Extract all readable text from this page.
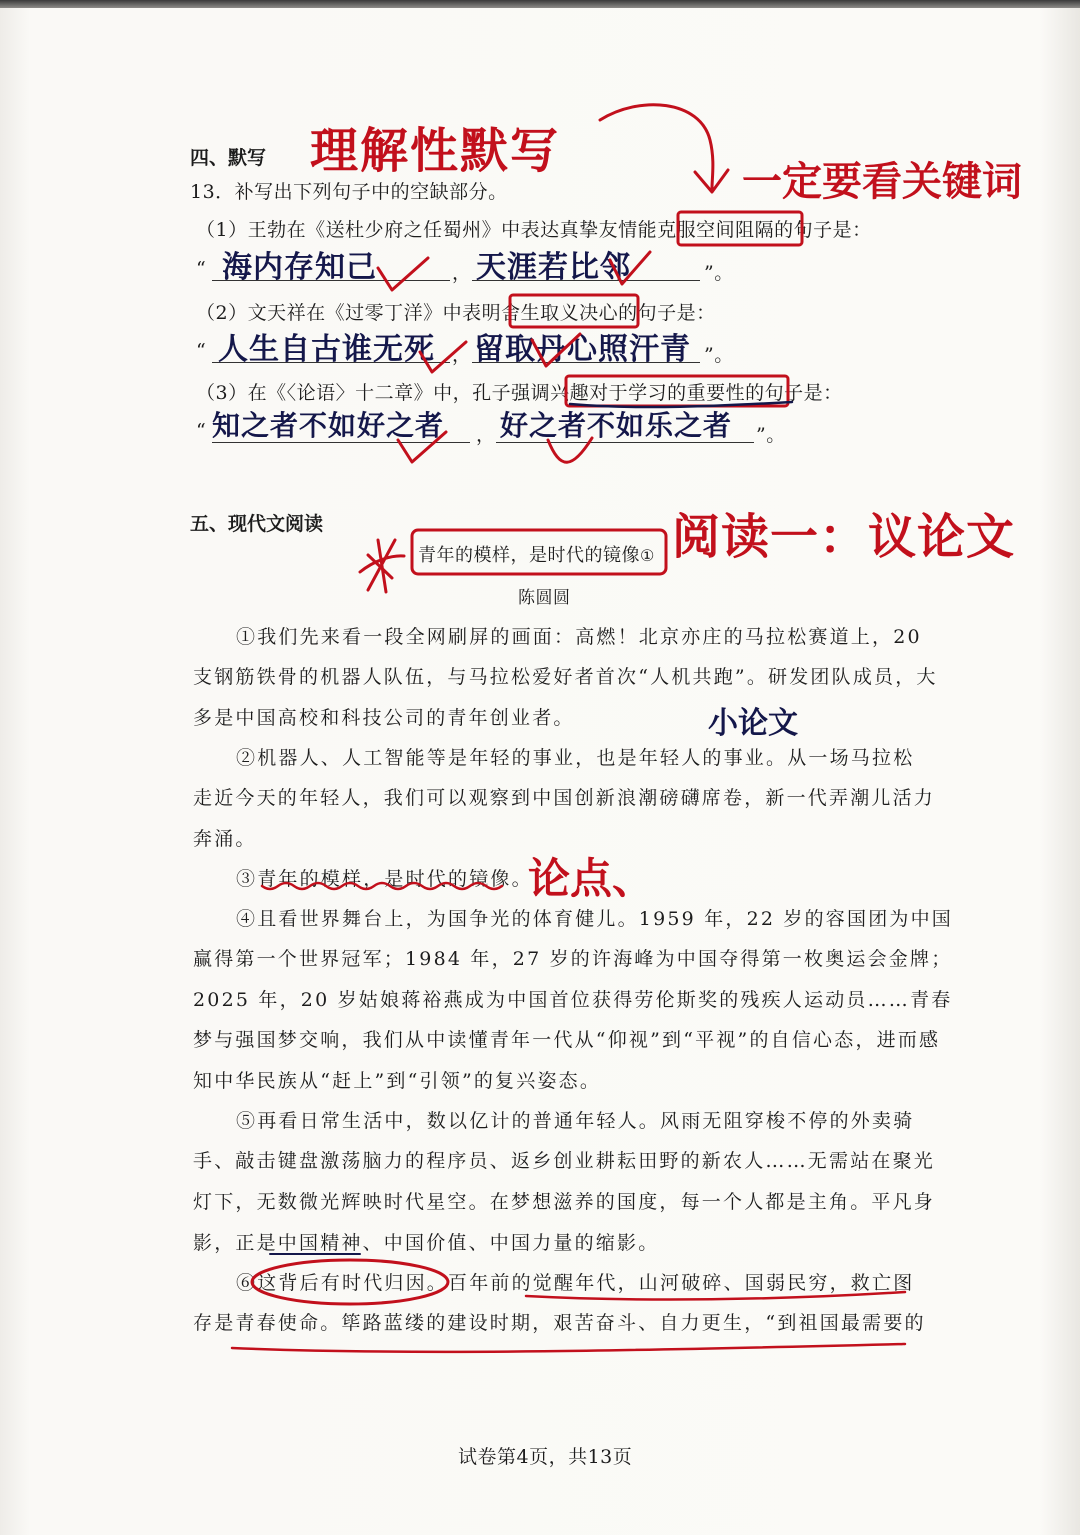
四、默写 理解性默写
一定要看关键词
13．补写出下列句子中的空缺部分。
（1）王勃在《送杜少府之任蜀州》中表达真挚友情能克服空间阻隔的句子是：
“ 海内存知己	， 天涯若比邻	”。
（2）文天祥在《过零丁洋》中表明舍生取义决心的句子是：
“ 人生自古谁无死 ， 留取丹心照汗青 ”。
（3）在《〈论语〉十二章》中，孔子强调兴趣对于学习的重要性的句子是：
“ 知之者不如好之者 ， 好之者不如乐之者 ”。
五、现代文阅读	阅读一：议论文
青年的模样，是时代的镜像①
陈圆圆
①我们先来看一段全网刷屏的画面：高燃！北京亦庄的马拉松赛道上，20
支钢筋铁骨的机器人队伍，与马拉松爱好者首次“人机共跑”。研发团队成员，大
多是中国高校和科技公司的青年创业者。	小论文
②机器人、人工智能等是年轻的事业，也是年轻人的事业。从一场马拉松
走近今天的年轻人，我们可以观察到中国创新浪潮磅礴席卷，新一代弄潮儿活力
奔涌。
③青年的模样，是时代的镜像。
论点、
④且看世界舞台上，为国争光的体育健儿。1959 年，22 岁的容国团为中国
赢得第一个世界冠军；1984 年，27 岁的许海峰为中国夺得第一枚奥运会金牌；
2025 年，20 岁姑娘蒋裕燕成为中国首位获得劳伦斯奖的残疾人运动员……青春
梦与强国梦交响，我们从中读懂青年一代从“仰视”到“平视”的自信心态，进而感
知中华民族从“赶上”到“引领”的复兴姿态。
⑤再看日常生活中，数以亿计的普通年轻人。风雨无阻穿梭不停的外卖骑
手、敲击键盘激荡脑力的程序员、返乡创业耕耘田野的新农人……无需站在聚光
灯下，无数微光辉映时代星空。在梦想滋养的国度，每一个人都是主角。平凡身
影，正是中国精神、中国价值、中国力量的缩影。
⑥这背后有时代归因。百年前的觉醒年代，山河破碎、国弱民穷，救亡图
存是青春使命。筚路蓝缕的建设时期，艰苦奋斗、自力更生，“到祖国最需要的
试卷第4页，共13页
